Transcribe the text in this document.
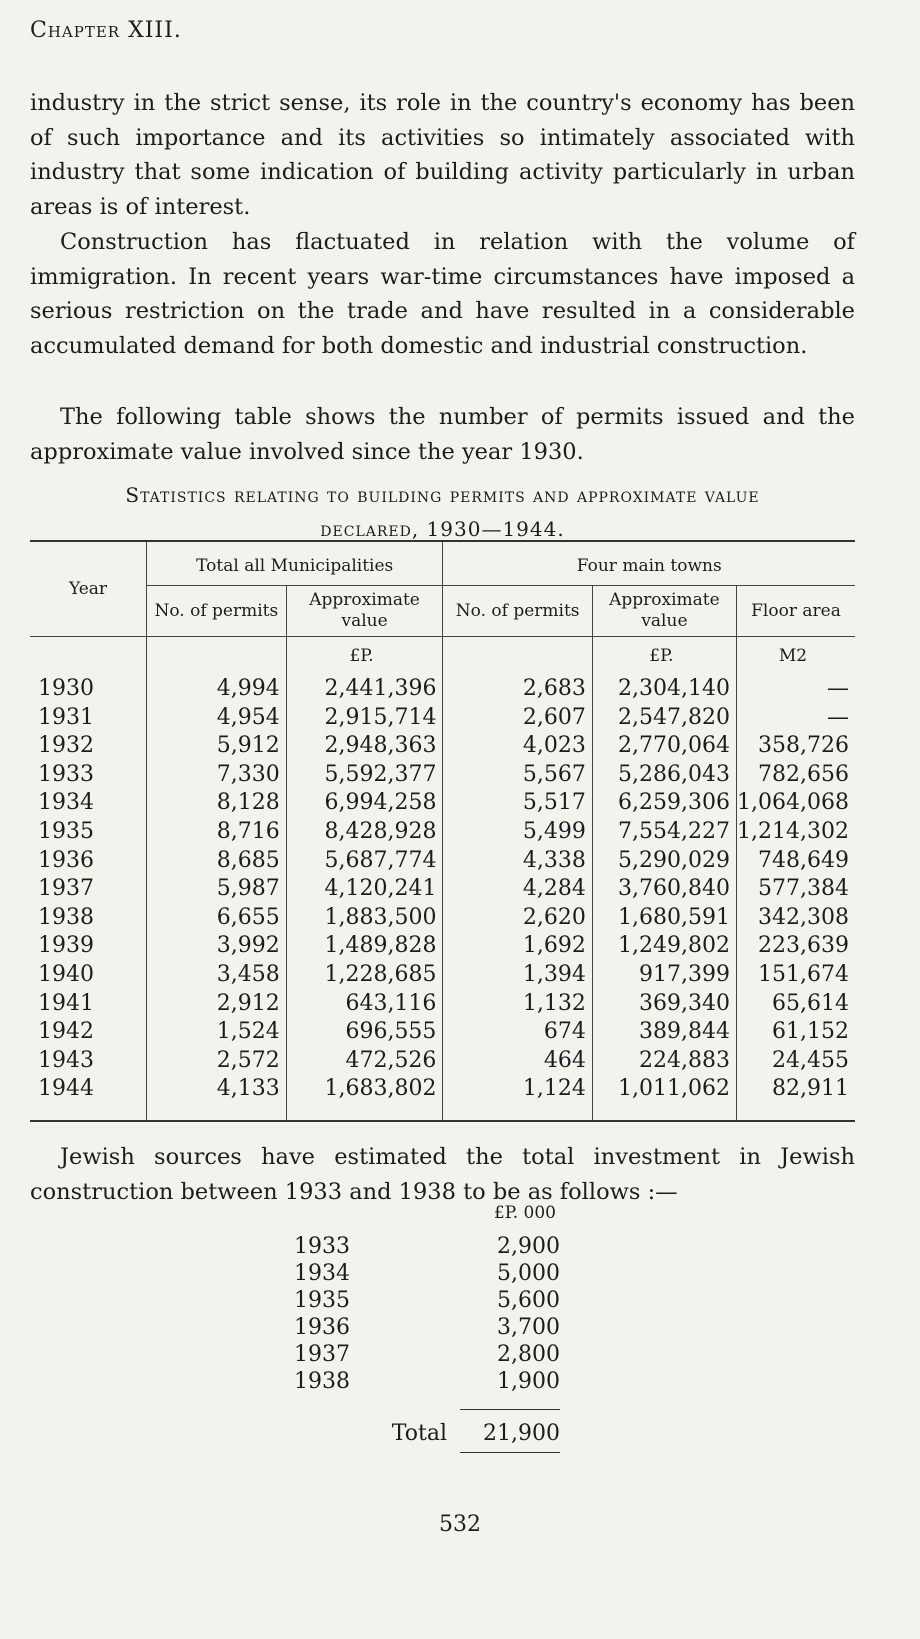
Chapter XIII.

industry in the strict sense, its role in the country's economy has been of such importance and its activities so intimately associated with industry that some indication of building activity particularly in urban areas is of interest.

Construction has flactuated in relation with the volume of immigration. In recent years war-time circumstances have imposed a serious restriction on the trade and have resulted in a considerable accumulated demand for both domestic and industrial construction.

The following table shows the number of permits issued and the approximate value involved since the year 1930.

Statistics relating to building permits and approximate value
declared, 1930—1944.
Year	Total all Municipalities		Four main towns		
	No. of permits	Approximate value	No. of permits	Approximate value	Floor area
		£P.		£P.	M2
1930	4,994	2,441,396	2,683	2,304,140	—
1931	4,954	2,915,714	2,607	2,547,820	—
1932	5,912	2,948,363	4,023	2,770,064	358,726
1933	7,330	5,592,377	5,567	5,286,043	782,656
1934	8,128	6,994,258	5,517	6,259,306	1,064,068
1935	8,716	8,428,928	5,499	7,554,227	1,214,302
1936	8,685	5,687,774	4,338	5,290,029	748,649
1937	5,987	4,120,241	4,284	3,760,840	577,384
1938	6,655	1,883,500	2,620	1,680,591	342,308
1939	3,992	1,489,828	1,692	1,249,802	223,639
1940	3,458	1,228,685	1,394	917,399	151,674
1941	2,912	643,116	1,132	369,340	65,614
1942	1,524	696,555	674	389,844	61,152
1943	2,572	472,526	464	224,883	24,455
1944	4,133	1,683,802	1,124	1,011,062	82,911

Jewish sources have estimated the total investment in Jewish construction between 1933 and 1938 to be as follows :—

£P. 000
1933	2,900
1934	5,000
1935	5,600
1936	3,700
1937	2,800
1938	1,900
Total 21,900
532
